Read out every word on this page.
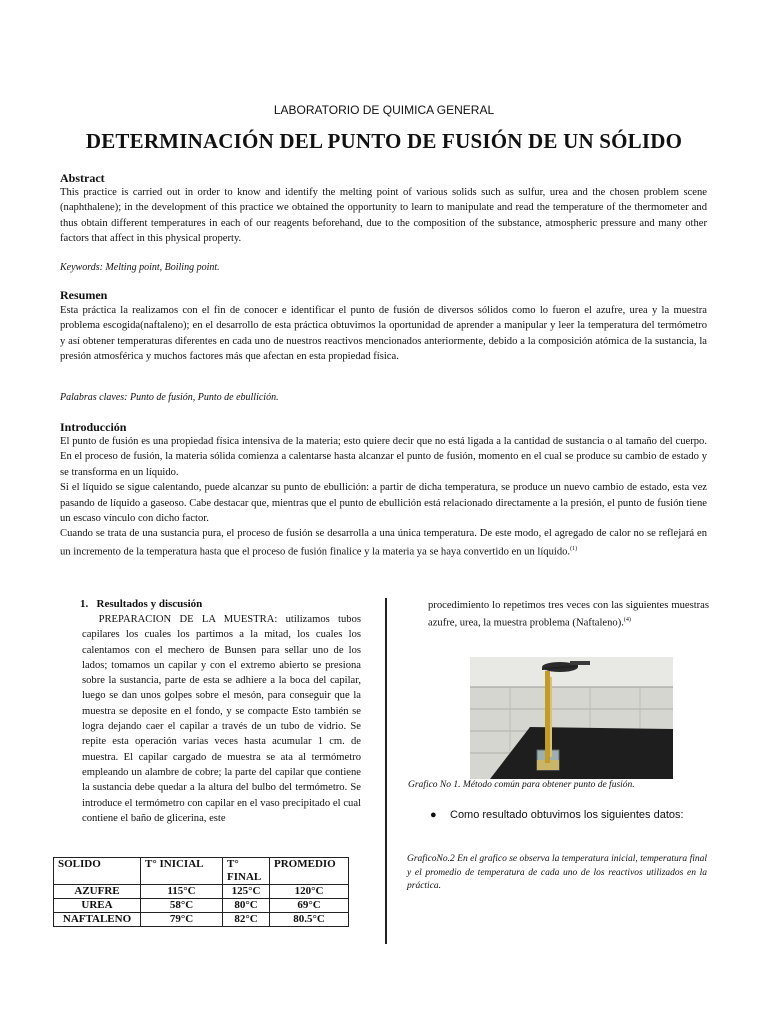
LABORATORIO DE QUIMICA GENERAL
DETERMINACIÓN DEL PUNTO DE FUSIÓN DE UN SÓLIDO
Abstract

This practice is carried out in order to know and identify the melting point of various solids such as sulfur, urea and the chosen problem scene (naphthalene); in the development of this practice we obtained the opportunity to learn to manipulate and read the temperature of the thermometer and thus obtain different temperatures in each of our reagents beforehand, due to the composition of the substance, atmospheric pressure and many other factors that affect in this physical property.

Keywords: Melting point, Boiling point.
Resumen

Esta práctica la realizamos con el fin de conocer e identificar el punto de fusión de diversos sólidos como lo fueron el azufre, urea y la muestra problema escogida(naftaleno); en el desarrollo de esta práctica obtuvimos la oportunidad de aprender a manipular y leer la temperatura del termómetro y así obtener temperaturas diferentes en cada uno de nuestros reactivos mencionados anteriormente, debido a la composición atómica de la sustancia, la presión atmosférica y muchos factores más que afectan en esta propiedad física.

Palabras claves: Punto de fusión, Punto de ebullición.
Introducción
El punto de fusión es una propiedad física intensiva de la materia; esto quiere decir que no está ligada a la cantidad de sustancia o al tamaño del cuerpo. En el proceso de fusión, la materia sólida comienza a calentarse hasta alcanzar el punto de fusión, momento en el cual se produce su cambio de estado y se transforma en un líquido.
Si el líquido se sigue calentando, puede alcanzar su punto de ebullición: a partir de dicha temperatura, se produce un nuevo cambio de estado, esta vez pasando de líquido a gaseoso. Cabe destacar que, mientras que el punto de ebullición está relacionado directamente a la presión, el punto de fusión tiene un escaso vínculo con dicho factor.
Cuando se trata de una sustancia pura, el proceso de fusión se desarrolla a una única temperatura. De este modo, el agregado de calor no se reflejará en un incremento de la temperatura hasta que el proceso de fusión finalice y la materia ya se haya convertido en un líquido.$^{(1)}$
1.   Resultados y discusión

PREPARACION DE LA MUESTRA: utilizamos tubos capilares los cuales los partimos a la mitad, los cuales los calentamos con el mechero de Bunsen para sellar uno de los lados; tomamos un capilar y con el extremo abierto se presiona sobre la sustancia, parte de esta se adhiere a la boca del capilar, luego se dan unos golpes sobre el mesón, para conseguir que la muestra se deposite en el fondo, y se compacte Esto también se logra dejando caer el capilar a través de un tubo de vidrio. Se repite esta operación varias veces hasta acumular 1 cm. de muestra. El capilar cargado de muestra se ata al termómetro empleando un alambre de cobre; la parte del capilar que contiene la sustancia debe quedar a la altura del bulbo del termómetro. Se introduce el termómetro con capilar en el vaso precipitado el cual contiene el baño de glicerina, este

procedimiento lo repetimos tres veces con las siguientes muestras azufre, urea, la muestra problema (Naftaleno).$^{(4)}$

Grafico No 1. Método común para obtener punto de fusión.
● Como resultado obtuvimos los siguientes datos:

GraficoNo.2 En el grafico se observa la temperatura inicial, temperatura final y el promedio de temperatura de cada uno de los reactivos utilizados en la práctica.

SOLIDO	T° INICIAL	T° FINAL	PROMEDIO
AZUFRE	115°C	125°C	120°C
UREA	58°C	80°C	69°C
NAFTALENO	79°C	82°C	80.5°C
